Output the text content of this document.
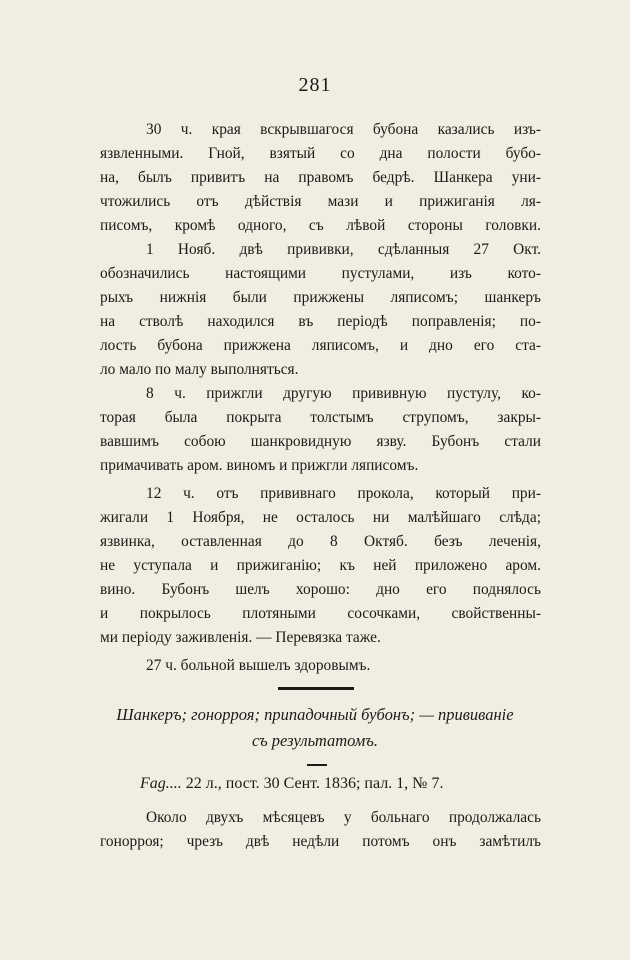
281
30 ч. края вскрывшагося бубона казались изъ-
язвленными. Гной, взятый со дна полости бубо-
на, былъ привитъ на правомъ бедрѣ. Шанкера уни-
чтожились отъ дѣйствія мази и прижиганія ля-
писомъ, кромѣ одного, съ лѣвой стороны головки.
1 Нояб. двѣ прививки, сдѣланныя 27 Окт.
обозначились настоящими пустулами, изъ кото-
рыхъ нижнія были прижжены ляписомъ; шанкеръ
на стволѣ находился въ періодѣ поправленія; по-
лость бубона прижжена ляписомъ, и дно его ста-
ло мало по малу выполняться.
8 ч. прижгли другую прививную пустулу, ко-
торая была покрыта толстымъ струпомъ, закры-
вавшимъ собою шанкровидную язву. Бубонъ стали
примачивать аром. виномъ и прижгли ляписомъ.
12 ч. отъ прививнаго прокола, который при-
жигали 1 Ноября, не осталось ни малѣйшаго слѣда;
язвинка, оставленная до 8 Октяб. безъ леченія,
не уступала и прижиганію; къ ней приложено аром.
вино. Бубонъ шелъ хорошо: дно его поднялось
и покрылось плотяными сосочками, свойственны-
ми періоду заживленія. — Перевязка таже.
27 ч. больной вышелъ здоровымъ.
Шанкеръ; гонорроя; припадочный бубонъ; — прививаніе
съ результатомъ.
Fag.... 22 л., пост. 30 Сент. 1836; пал. 1, № 7.
Около двухъ мѣсяцевъ у больнаго продолжалась
гонорроя; чрезъ двѣ недѣли потомъ онъ замѣтилъ
